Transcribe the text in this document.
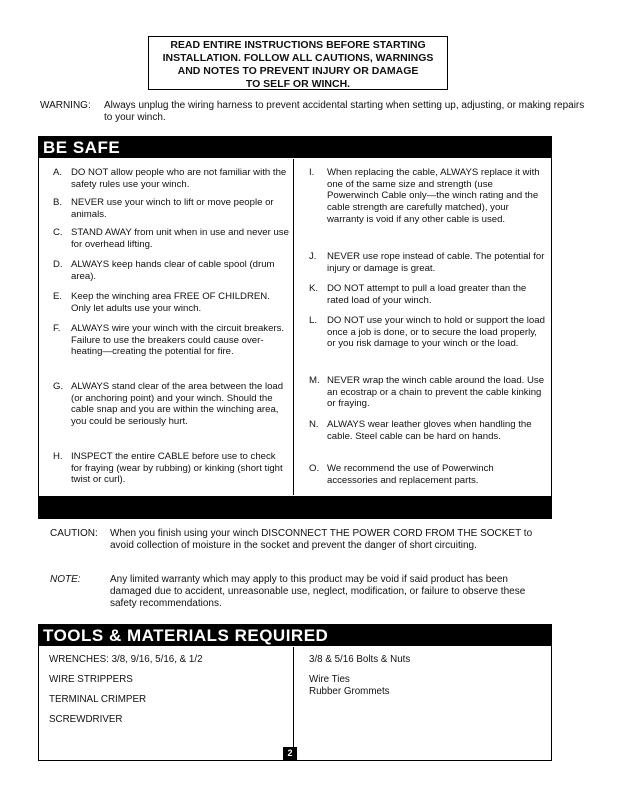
READ ENTIRE INSTRUCTIONS BEFORE STARTING
INSTALLATION. FOLLOW ALL CAUTIONS, WARNINGS
AND NOTES TO PREVENT INJURY OR DAMAGE
TO SELF OR WINCH.
WARNING: Always unplug the wiring harness to prevent accidental starting when setting up, adjusting, or making repairs to your winch.
BE SAFE
A. DO NOT allow people who are not familiar with the safety rules use your winch.
B. NEVER use your winch to lift or move people or animals.
C. STAND AWAY from unit when in use and never use for overhead lifting.
D. ALWAYS keep hands clear of cable spool (drum area).
E. Keep the winching area FREE OF CHILDREN. Only let adults use your winch.
F. ALWAYS wire your winch with the circuit breakers. Failure to use the breakers could cause over-heating—creating the potential for fire.
G. ALWAYS stand clear of the area between the load (or anchoring point) and your winch. Should the cable snap and you are within the winching area, you could be seriously hurt.
H. INSPECT the entire CABLE before use to check for fraying (wear by rubbing) or kinking (short tight twist or curl).
I. When replacing the cable, ALWAYS replace it with one of the same size and strength (use Powerwinch Cable only—the winch rating and the cable strength are carefully matched), your warranty is void if any other cable is used.
J. NEVER use rope instead of cable. The potential for injury or damage is great.
K. DO NOT attempt to pull a load greater than the rated load of your winch.
L. DO NOT use your winch to hold or support the load once a job is done, or to secure the load properly, or you risk damage to your winch or the load.
M. NEVER wrap the winch cable around the load. Use an ecostrap or a chain to prevent the cable kinking or fraying.
N. ALWAYS wear leather gloves when handling the cable. Steel cable can be hard on hands.
O. We recommend the use of Powerwinch accessories and replacement parts.
CAUTION: When you finish using your winch DISCONNECT THE POWER CORD FROM THE SOCKET to avoid collection of moisture in the socket and prevent the danger of short circuiting.
NOTE:	Any limited warranty which may apply to this product may be void if said product has been damaged due to accident, unreasonable use, neglect, modification, or failure to observe these safety recommendations.
TOOLS & MATERIALS REQUIRED
WRENCHES: 3/8, 9/16, 5/16, & 1/2
WIRE STRIPPERS
TERMINAL CRIMPER
SCREWDRIVER
3/8 & 5/16 Bolts & Nuts
Wire Ties
Rubber Grommets
2
